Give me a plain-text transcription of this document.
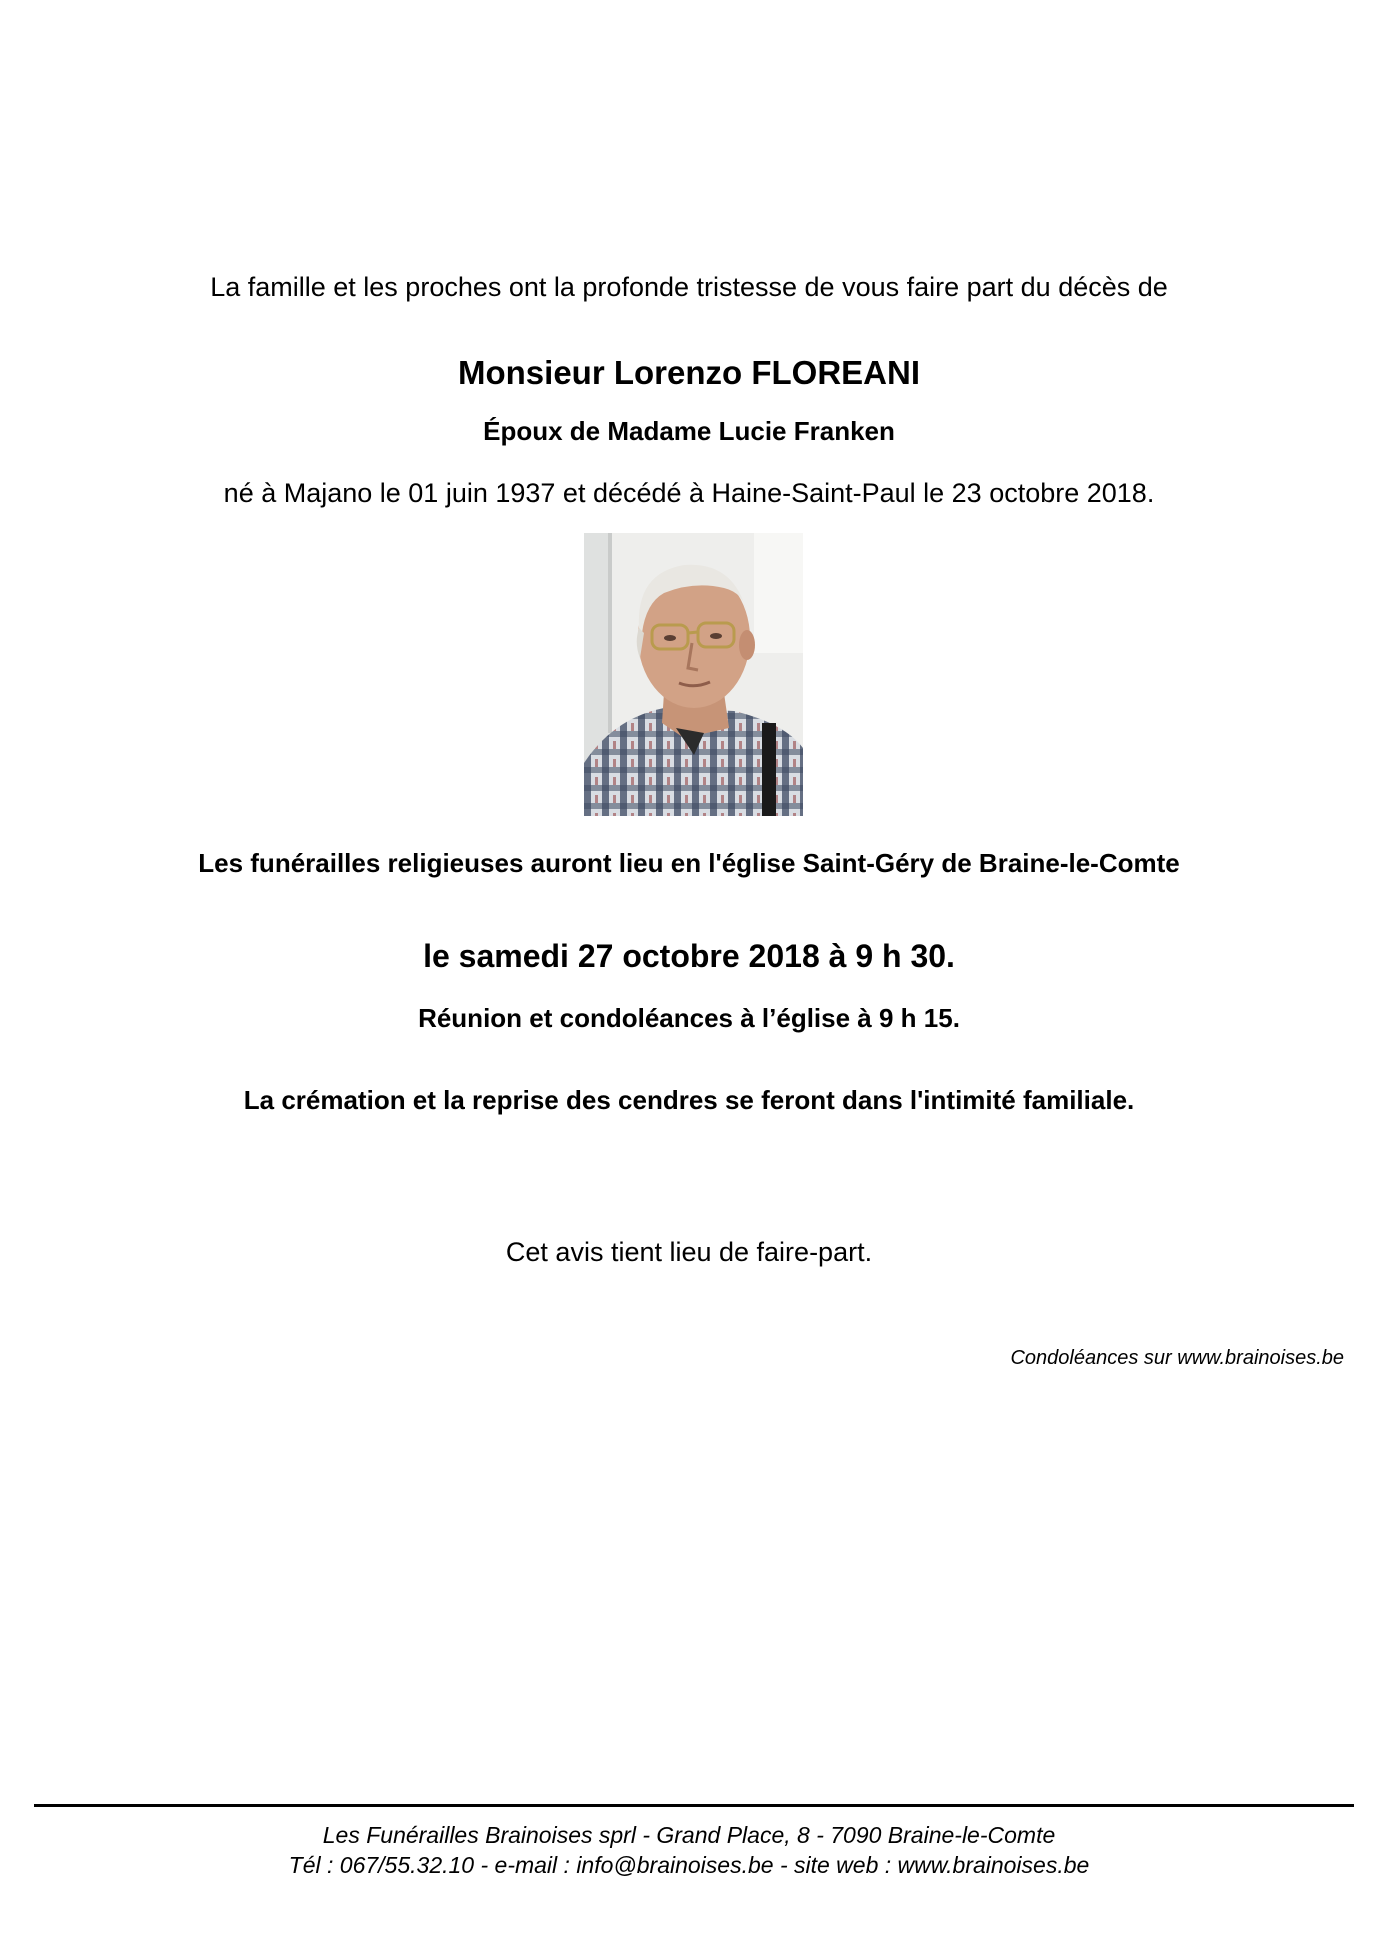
La famille et les proches ont la profonde tristesse de vous faire part du décès de
Monsieur Lorenzo FLOREANI
Époux de Madame Lucie Franken
né à Majano le 01 juin 1937 et décédé à Haine-Saint-Paul le 23 octobre 2018.
Les funérailles religieuses auront lieu en l'église Saint-Géry de Braine-le-Comte
le samedi 27 octobre 2018 à 9 h 30.
Réunion et condoléances à l’église à 9 h 15.
La crémation et la reprise des cendres se feront dans l'intimité familiale.
Cet avis tient lieu de faire-part.
Condoléances sur www.brainoises.be
Les Funérailles Brainoises sprl - Grand Place, 8 - 7090 Braine-le-Comte
Tél : 067/55.32.10 - e-mail : info@brainoises.be - site web : www.brainoises.be
